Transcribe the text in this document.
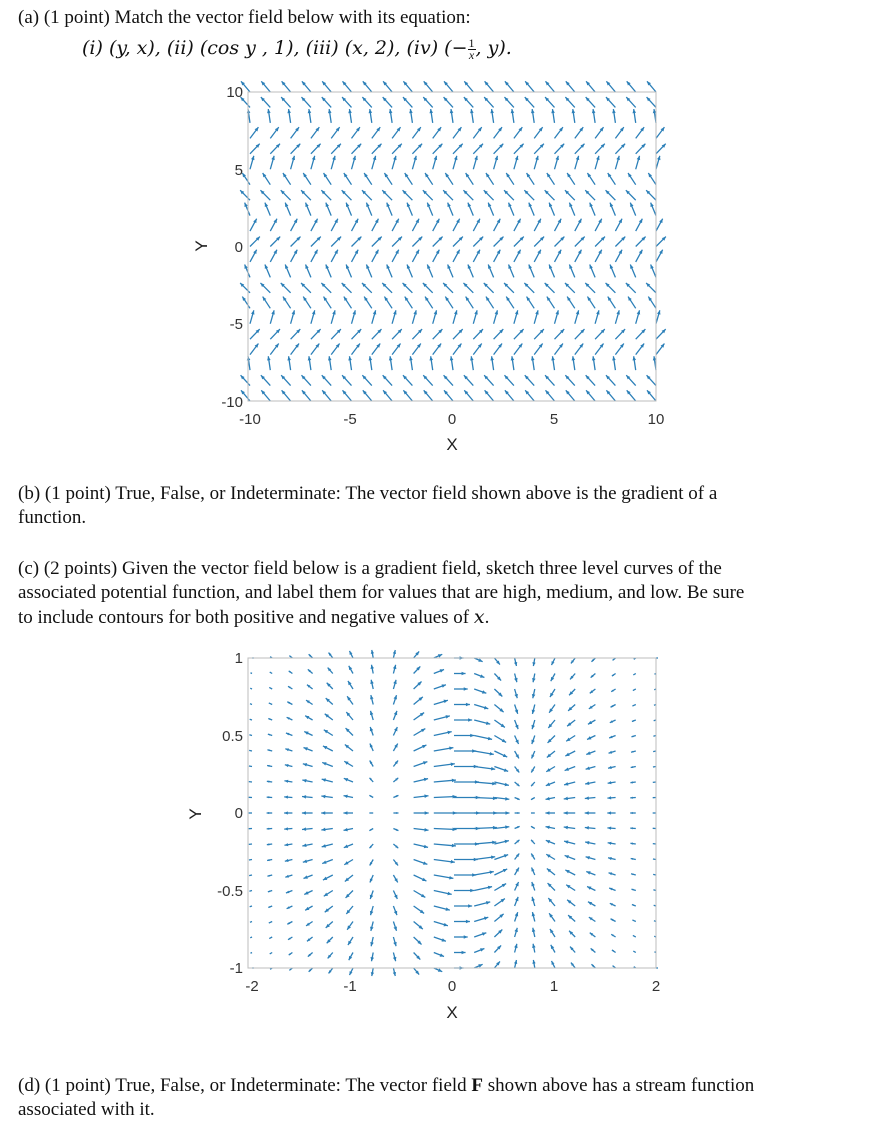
(a) (1 point) Match the vector field below with its equation:
(i) (y, x), (ii) (cos y , 1), (iii) (x, 2), (iv) (− $\frac{1}{x}$ , y).
10
5
0
-5
-10
-10	-5	0	5	10
X
Y
(b) (1 point) True, False, or Indeterminate: The vector field shown above is the gradient of a
function.
(c) (2 points) Given the vector field below is a gradient field, sketch three level curves of the
associated potential function, and label them for values that are high, medium, and low. Be sure
to include contours for both positive and negative values of x.
1
0.5
0
-0.5
-1
-2	-1	0	1	2
X
Y
(d) (1 point) True, False, or Indeterminate: The vector field F shown above has a stream function
associated with it.
